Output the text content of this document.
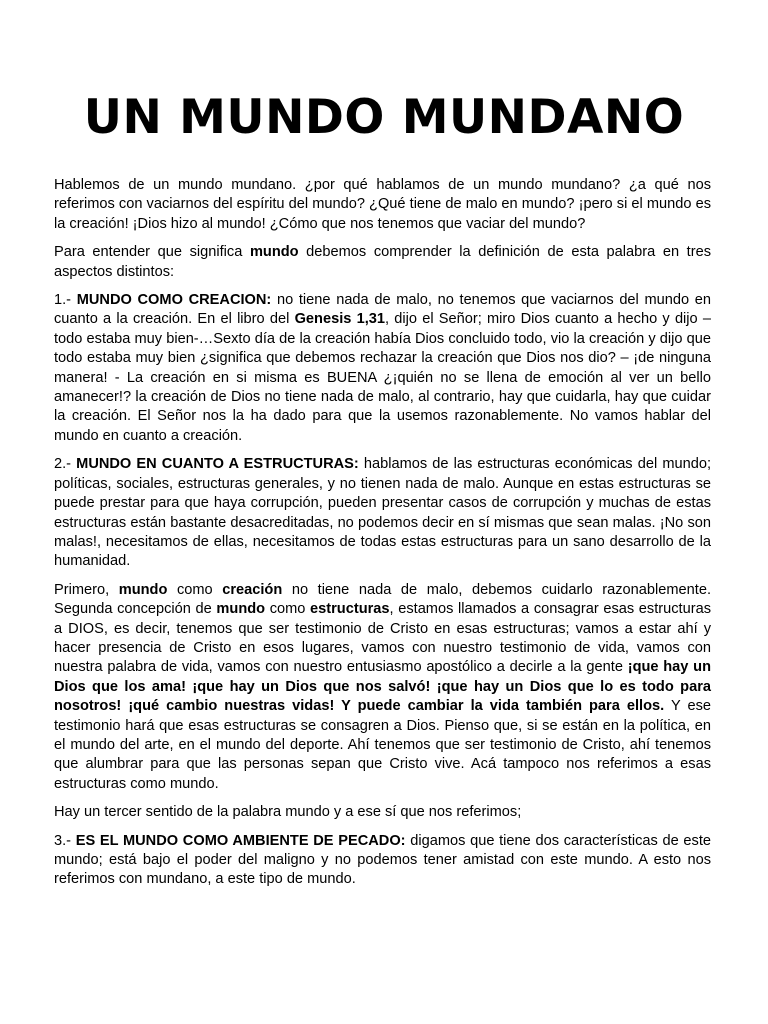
UN MUNDO MUNDANO

Hablemos de un mundo mundano. ¿por qué hablamos de un mundo mundano? ¿a qué nos referimos con vaciarnos del espíritu del mundo? ¿Qué tiene de malo en mundo? ¡pero si el mundo es la creación! ¡Dios hizo al mundo! ¿Cómo que nos tenemos que vaciar del mundo?

Para entender que significa mundo debemos comprender la definición de esta palabra en tres aspectos distintos:

1.- MUNDO COMO CREACION: no tiene nada de malo, no tenemos que vaciarnos del mundo en cuanto a la creación. En el libro del Genesis 1,31, dijo el Señor; miro Dios cuanto a hecho y dijo – todo estaba muy bien-…Sexto día de la creación había Dios concluido todo, vio la creación y dijo que todo estaba muy bien ¿significa que debemos rechazar la creación que Dios nos dio? – ¡de ninguna manera! - La creación en si misma es BUENA ¿¡quién no se llena de emoción al ver un bello amanecer!? la creación de Dios no tiene nada de malo, al contrario, hay que cuidarla, hay que cuidar la creación. El Señor nos la ha dado para que la usemos razonablemente. No vamos hablar del mundo en cuanto a creación.

2.- MUNDO EN CUANTO A ESTRUCTURAS: hablamos de las estructuras económicas del mundo; políticas, sociales, estructuras generales, y no tienen nada de malo. Aunque en estas estructuras se puede prestar para que haya corrupción, pueden presentar casos de corrupción y muchas de estas estructuras están bastante desacreditadas, no podemos decir en sí mismas que sean malas. ¡No son malas!, necesitamos de ellas, necesitamos de todas estas estructuras para un sano desarrollo de la humanidad.

Primero, mundo como creación no tiene nada de malo, debemos cuidarlo razonablemente. Segunda concepción de mundo como estructuras, estamos llamados a consagrar esas estructuras a DIOS, es decir, tenemos que ser testimonio de Cristo en esas estructuras; vamos a estar ahí y hacer presencia de Cristo en esos lugares, vamos con nuestro testimonio de vida, vamos con nuestra palabra de vida, vamos con nuestro entusiasmo apostólico a decirle a la gente ¡que hay un Dios que los ama! ¡que hay un Dios que nos salvó! ¡que hay un Dios que lo es todo para nosotros! ¡qué cambio nuestras vidas! Y puede cambiar la vida también para ellos. Y ese testimonio hará que esas estructuras se consagren a Dios. Pienso que, si se están en la política, en el mundo del arte, en el mundo del deporte. Ahí tenemos que ser testimonio de Cristo, ahí tenemos que alumbrar para que las personas sepan que Cristo vive. Acá tampoco nos referimos a esas estructuras como mundo.

Hay un tercer sentido de la palabra mundo y a ese sí que nos referimos;

3.- ES EL MUNDO COMO AMBIENTE DE PECADO: digamos que tiene dos características de este mundo; está bajo el poder del maligno y no podemos tener amistad con este mundo. A esto nos referimos con mundano, a este tipo de mundo.
